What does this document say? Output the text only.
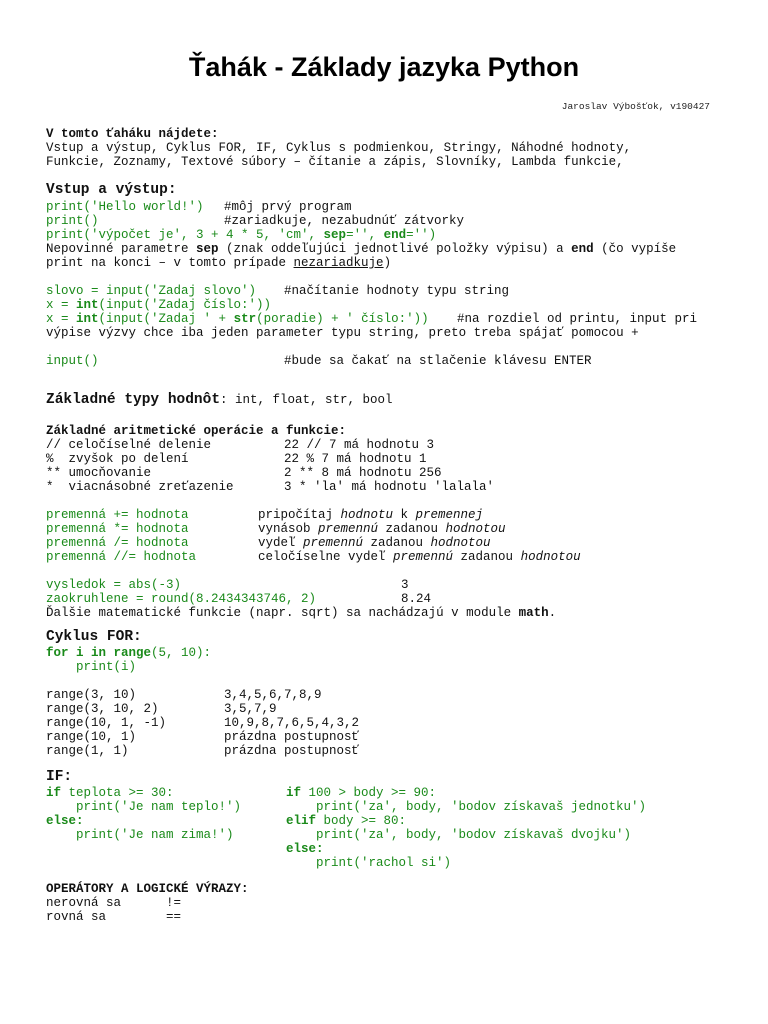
Ťahák - Základy jazyka Python
Jaroslav Výbošťok, v190427
V tomto ťaháku nájdete:
Vstup a výstup, Cyklus FOR, IF, Cyklus s podmienkou, Stringy, Náhodné hodnoty,
Funkcie, Zoznamy, Textové súbory – čítanie a zápis, Slovníky, Lambda funkcie,
Vstup a výstup:
print('Hello world!') #môj prvý program
print()	#zariadkuje, nezabudnúť zátvorky
print('výpočet je', 3 + 4 * 5, 'cm', sep='', end='')
Nepovinné parametre sep (znak oddeľujúci jednotlivé položky výpisu) a end (čo vypíše
print na konci – v tomto prípade nezariadkuje)
slovo = input('Zadaj slovo') #načítanie hodnoty typu string
x = int(input('Zadaj číslo:'))
x = int(input('Zadaj ' + str(poradie) + ' číslo:')) #na rozdiel od printu, input pri
výpise výzvy chce iba jeden parameter typu string, preto treba spájať pomocou +
input()	#bude sa čakať na stlačenie klávesu ENTER
Základné typy hodnôt: int, float, str, bool
Základné aritmetické operácie a funkcie:
// celočíselné delenie	22 // 7 má hodnotu 3
%  zvyšok po delení	22 % 7 má hodnotu 1
** umocňovanie	2 ** 8 má hodnotu 256
*  viacnásobné zreťazenie	3 * 'la' má hodnotu 'lalala'
premenná += hodnota	pripočítaj hodnotu k premennej
premenná *= hodnota	vynásob premennú zadanou hodnotou
premenná /= hodnota	vydeľ premennú zadanou hodnotou
premenná //= hodnota	celočíselne vydeľ premennú zadanou hodnotou
vysledok = abs(-3)	3
zaokruhlene = round(8.2434343746, 2)	8.24
Ďalšie matematické funkcie (napr. sqrt) sa nachádzajú v module math.
Cyklus FOR:
for i in range(5, 10):
print(i)
range(3, 10)	3,4,5,6,7,8,9
range(3, 10, 2)	3,5,7,9
range(10, 1, -1)	10,9,8,7,6,5,4,3,2
range(10, 1)	prázdna postupnosť
range(1, 1)	prázdna postupnosť
IF:
if teplota >= 30:
print('Je nam teplo!')
else:
print('Je nam zima!')
if 100 > body >= 90:
print('za', body, 'bodov získavaš jednotku')
elif body >= 80:
print('za', body, 'bodov získavaš dvojku')
else:
print('rachol si')
OPERÁTORY A LOGICKÉ VÝRAZY:
nerovná sa	!=
rovná sa	==
